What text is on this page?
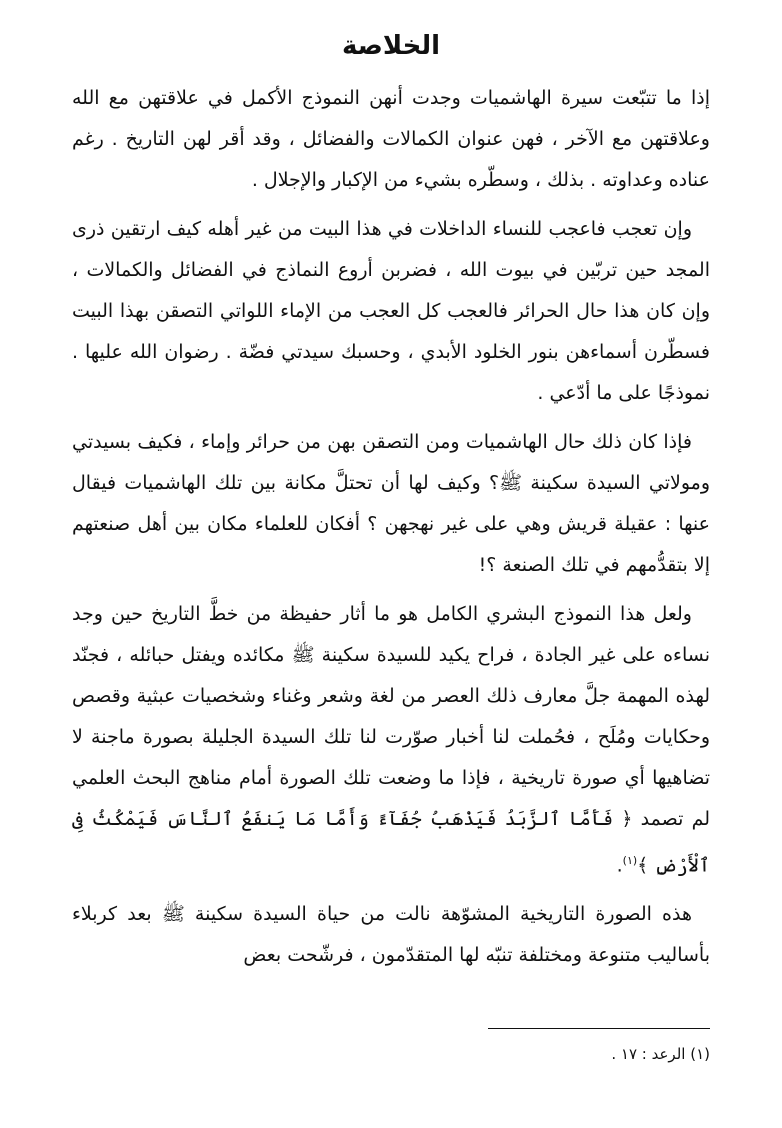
الخلاصة

إذا ما تتبّعت سيرة الهاشميات وجدت أنهن النموذج الأكمل في علاقتهن مع الله وعلاقتهن مع الآخر ، فهن عنوان الكمالات والفضائل ، وقد أقر لهن التاريخ . رغم عناده وعداوته . بذلك ، وسطّره بشيء من الإكبار والإجلال .

وإن تعجب فاعجب للنساء الداخلات في هذا البيت من غير أهله كيف ارتقين ذرى المجد حين تربّين في بيوت الله ، فضربن أروع النماذج في الفضائل والكمالات ، وإن كان هذا حال الحرائر فالعجب كل العجب من الإماء اللواتي التصقن بهذا البيت فسطّرن أسماءهن بنور الخلود الأبدي ، وحسبك سيدتي فضّة . رضوان الله عليها . نموذجًا على ما أدّعي .

فإذا كان ذلك حال الهاشميات ومن التصقن بهن من حرائر وإماء ، فكيف بسيدتي ومولاتي السيدة سكينة ﷺ؟ وكيف لها أن تحتلَّ مكانة بين تلك الهاشميات فيقال عنها : عقيلة قريش وهي على غير نهجهن ؟ أفكان للعلماء مكان بين أهل صنعتهم إلا بتقدُّمهم في تلك الصنعة ؟!

ولعل هذا النموذج البشري الكامل هو ما أثار حفيظة من خطَّ التاريخ حين وجد نساءه على غير الجادة ، فراح يكيد للسيدة سكينة ﷺ مكائده ويفتل حبائله ، فجنّد لهذه المهمة جلَّ معارف ذلك العصر من لغة وشعر وغناء وشخصيات عبثية وقصص وحكايات ومُلَح ، فحُملت لنا أخبار صوّرت لنا تلك السيدة الجليلة بصورة ماجنة لا تضاهيها أي صورة تاريخية ، فإذا ما وضعت تلك الصورة أمام مناهج البحث العلمي لم تصمد ﴿ فَأَمَّا ٱلزَّبَدُ فَيَذْهَبُ جُفَآءً وَأَمَّا مَا يَنفَعُ ٱلنَّاسَ فَيَمْكُثُ فِى ٱلْأَرْضِ ﴾$^{(١)}$.

هذه الصورة التاريخية المشوّهة نالت من حياة السيدة سكينة ﷺ بعد كربلاء بأساليب متنوعة ومختلفة تنبّه لها المتقدّمون ، فرشّحت بعض

(١) الرعد : ١٧ .
